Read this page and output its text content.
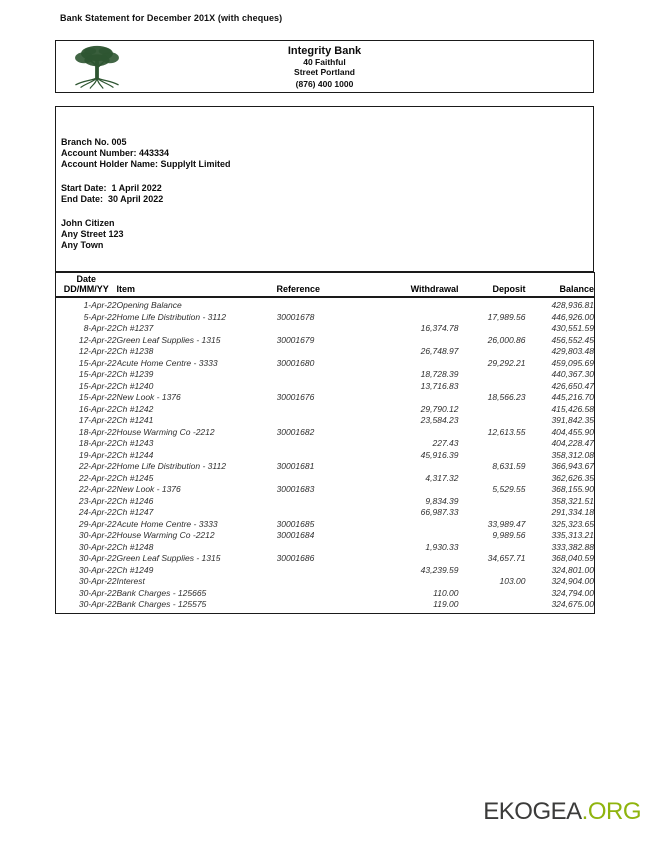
Bank Statement for December 201X (with cheques)
Integrity Bank
40 Faithful
Street Portland
(876) 400 1000
Branch No. 005
Account Number: 443334
Account Holder Name: SupplyIt Limited
Start Date:  1 April 2022
End Date:  30 April 2022
John Citizen
Any Street 123
Any Town
Date
DD/MM/YY	Item	Reference	Withdrawal	Deposit	Balance
1-Apr-22	Opening Balance				428,936.81
5-Apr-22	Home Life Distribution - 3112	30001678		17,989.56	446,926.00
8-Apr-22	Ch #1237		16,374.78		430,551.59
12-Apr-22	Green Leaf Supplies - 1315	30001679		26,000.86	456,552.45
12-Apr-22	Ch #1238		26,748.97		429,803.48
15-Apr-22	Acute Home Centre - 3333	30001680		29,292.21	459,095.69
15-Apr-22	Ch #1239		18,728.39		440,367.30
15-Apr-22	Ch #1240		13,716.83		426,650.47
15-Apr-22	New Look - 1376	30001676		18,566.23	445,216.70
16-Apr-22	Ch #1242		29,790.12		415,426.58
17-Apr-22	Ch #1241		23,584.23		391,842.35
18-Apr-22	House Warming Co -2212	30001682		12,613.55	404,455.90
18-Apr-22	Ch #1243		227.43		404,228.47
19-Apr-22	Ch #1244		45,916.39		358,312.08
22-Apr-22	Home Life Distribution - 3112	30001681		8,631.59	366,943.67
22-Apr-22	Ch #1245		4,317.32		362,626.35
22-Apr-22	New Look - 1376	30001683		5,529.55	368,155.90
23-Apr-22	Ch #1246		9,834.39		358,321.51
24-Apr-22	Ch #1247		66,987.33		291,334.18
29-Apr-22	Acute Home Centre - 3333	30001685		33,989.47	325,323.65
30-Apr-22	House Warming Co -2212	30001684		9,989.56	335,313.21
30-Apr-22	Ch #1248		1,930.33		333,382.88
30-Apr-22	Green Leaf Supplies - 1315	30001686		34,657.71	368,040.59
30-Apr-22	Ch #1249		43,239.59		324,801.00
30-Apr-22	Interest			103.00	324,904.00
30-Apr-22	Bank Charges - 125665		110.00		324,794.00
30-Apr-22	Bank Charges - 125575		119.00		324,675.00
EKOGEA.ORG
